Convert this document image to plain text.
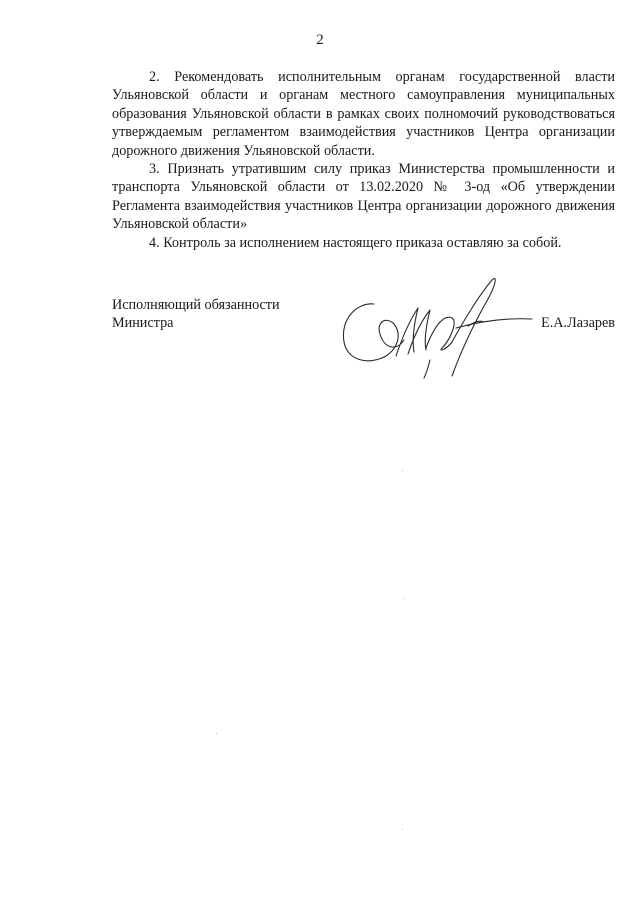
2

2. Рекомендовать исполнительным органам государственной власти Ульяновской области и органам местного самоуправления муниципальных образования Ульяновской области в рамках своих полномочий руководствоваться утверждаемым регламентом взаимодействия участников Центра организации дорожного движения Ульяновской области.

3. Признать утратившим силу приказ Министерства промышленности и транспорта Ульяновской области от 13.02.2020 № 3-од «Об утверждении Регламента взаимодействия участников Центра организации дорожного движения Ульяновской области»

4. Контроль за исполнением настоящего приказа оставляю за собой.

Исполняющий обязанности
Министра	Е.А.Лазарев
